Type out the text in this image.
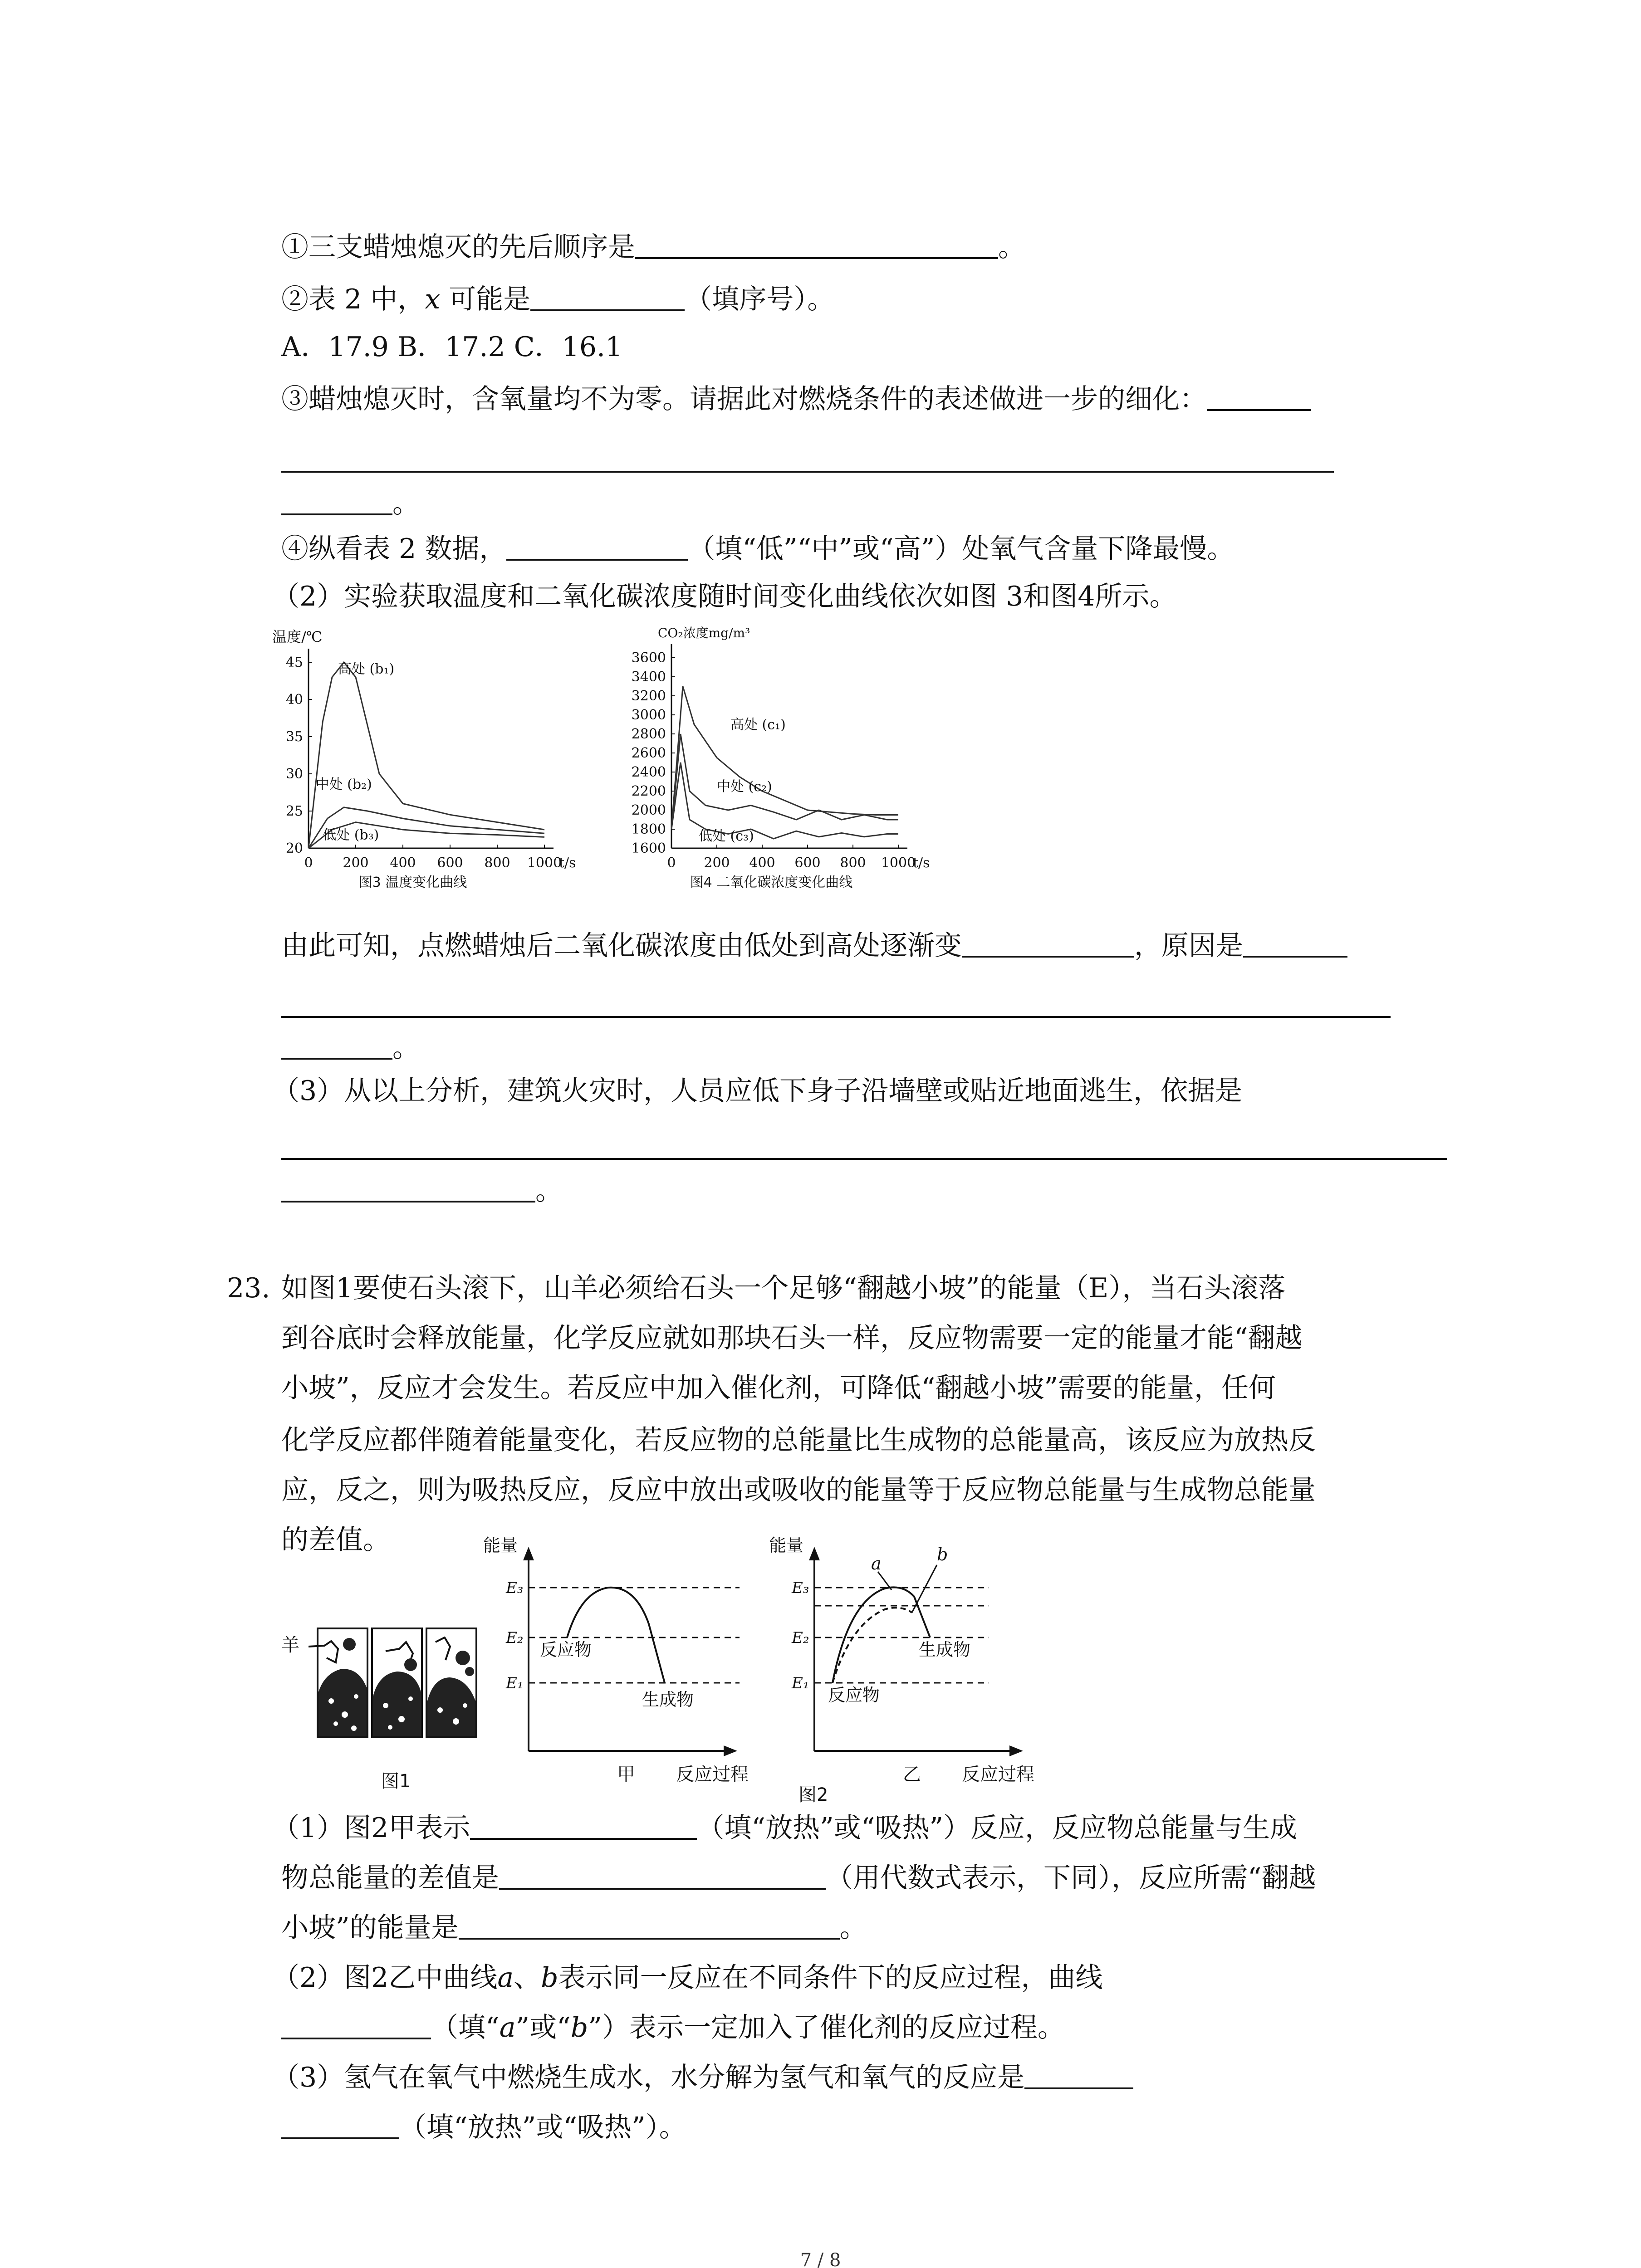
①三支蜡烛熄灭的先后顺序是	。
②表 2 中，x 可能是	（填序号）。
A．17.9 B．17.2 C．16.1
③蜡烛熄灭时，含氧量均不为零。请据此对燃烧条件的表述做进一步的细化：
。
④纵看表 2 数据，	（填“低”“中”或“高”）处氧气含量下降最慢。
（2）实验获取温度和二氧化碳浓度随时间变化曲线依次如图 3和图4所示。
温度/℃
20
25
30
35
40
45
0 200 400 600 800 1000
t/s
高处 (b₁)
中处 (b₂)
低处 (b₃)
图3 温度变化曲线
CO₂浓度mg/m³
1600
1800
2000
2200
2400
2600
2800
3000
3200
3400
3600
0 200 400 600 800 1000
t/s
高处 (c₁)
中处 (c₂)
低处 (c₃)
图4 二氧化碳浓度变化曲线
由此可知，点燃蜡烛后二氧化碳浓度由低处到高处逐渐变	，原因是
。
（3）从以上分析，建筑火灾时，人员应低下身子沿墙壁或贴近地面逃生，依据是
。
23. 如图1要使石头滚下，山羊必须给石头一个足够“翻越小坡”的能量（E），当石头滚落
到谷底时会释放能量，化学反应就如那块石头一样，反应物需要一定的能量才能“翻越
小坡”，反应才会发生。若反应中加入催化剂，可降低“翻越小坡”需要的能量，任何
化学反应都伴随着能量变化，若反应物的总能量比生成物的总能量高，该反应为放热反
应，反之，则为吸热反应，反应中放出或吸收的能量等于反应物总能量与生成物总能量
的差值。
羊
图1
能量
E₃
E₂
E₁
反应物
生成物
甲 反应过程
能量
E₃
E₂
E₁
a	b
反应物
生成物
乙 反应过程
图2
（1）图2甲表示	（填“放热”或“吸热”）反应，反应物总能量与生成
物总能量的差值是	（用代数式表示，下同），反应所需“翻越
小坡”的能量是	。
（2）图2乙中曲线a、b表示同一反应在不同条件下的反应过程，曲线
（填“a”或“b”）表示一定加入了催化剂的反应过程。
（3）氢气在氧气中燃烧生成水，水分解为氢气和氧气的反应是
（填“放热”或“吸热”）。
7 / 8
